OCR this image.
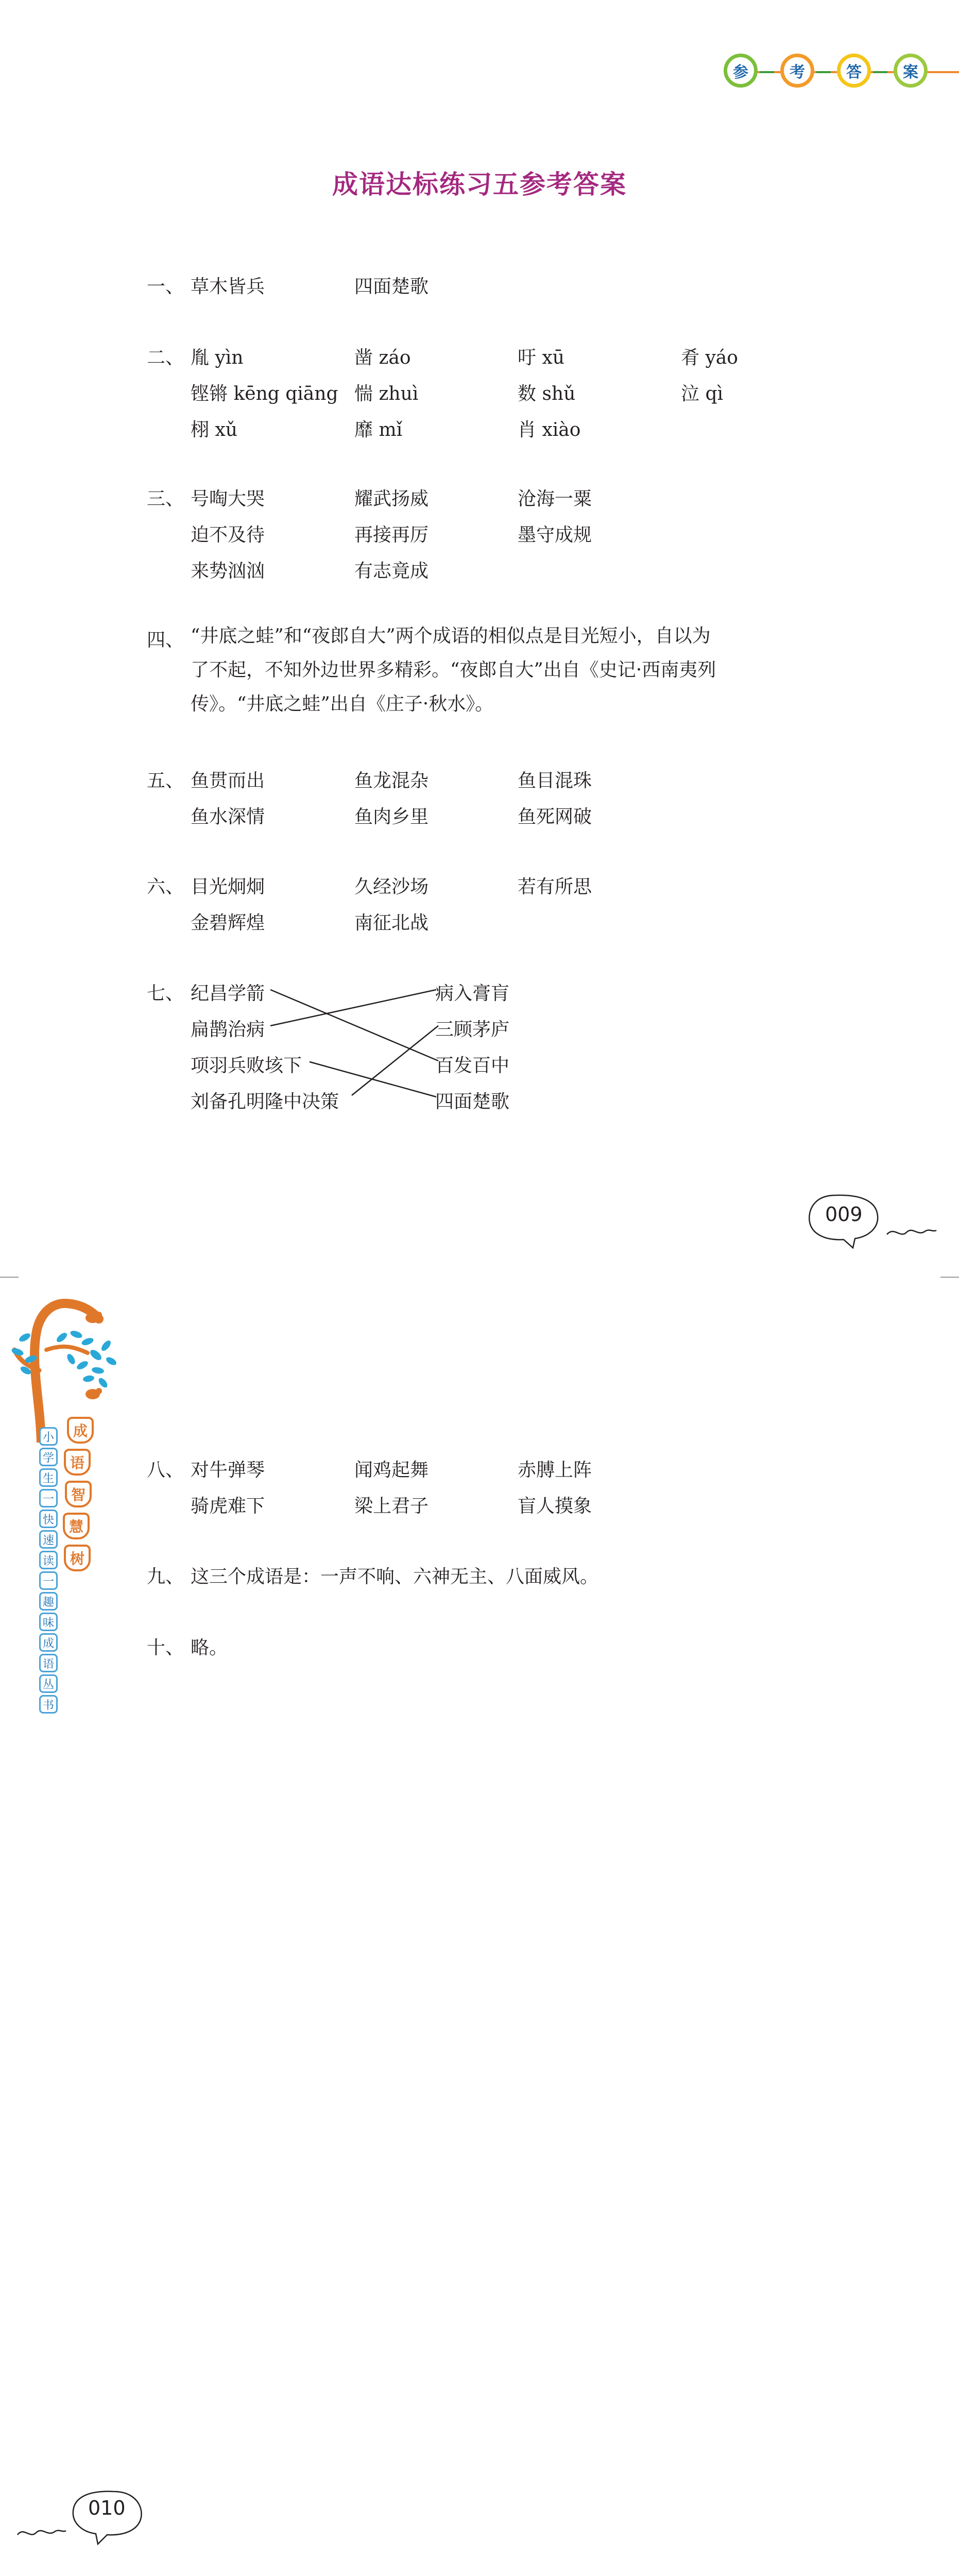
参	考	答	案
成语达标练习五参考答案
一、 草木皆兵	四面楚歌
二、 胤 yìn	凿 záo	吁 xū	肴 yáo
铿锵 kēng qiāng 惴 zhuì	数 shǔ	泣 qì
栩 xǔ	靡 mǐ	肖 xiào
三、 号啕大哭	耀武扬威	沧海一粟
迫不及待	再接再厉	墨守成规
来势汹汹	有志竟成
四、 “井底之蛙”和“夜郎自大”两个成语的相似点是目光短小，自以为
了不起，不知外边世界多精彩。“夜郎自大”出自《史记·西南夷列
传》。“井底之蛙”出自《庄子·秋水》。
五、 鱼贯而出	鱼龙混杂	鱼目混珠
鱼水深情	鱼肉乡里	鱼死网破
六、 目光炯炯	久经沙场	若有所思
金碧辉煌	南征北战
七、 纪昌学箭
扁鹊治病
项羽兵败垓下
刘备孔明隆中决策
病入膏肓
三顾茅庐
百发百中
四面楚歌
009
小
学
生
一
快
速
读
一
趣
味
成
语
丛
书
成
语
智
慧
树
八、 对牛弹琴	闻鸡起舞	赤膊上阵
骑虎难下	梁上君子	盲人摸象
九、 这三个成语是：一声不响、六神无主、八面威风。
十、 略。
010
